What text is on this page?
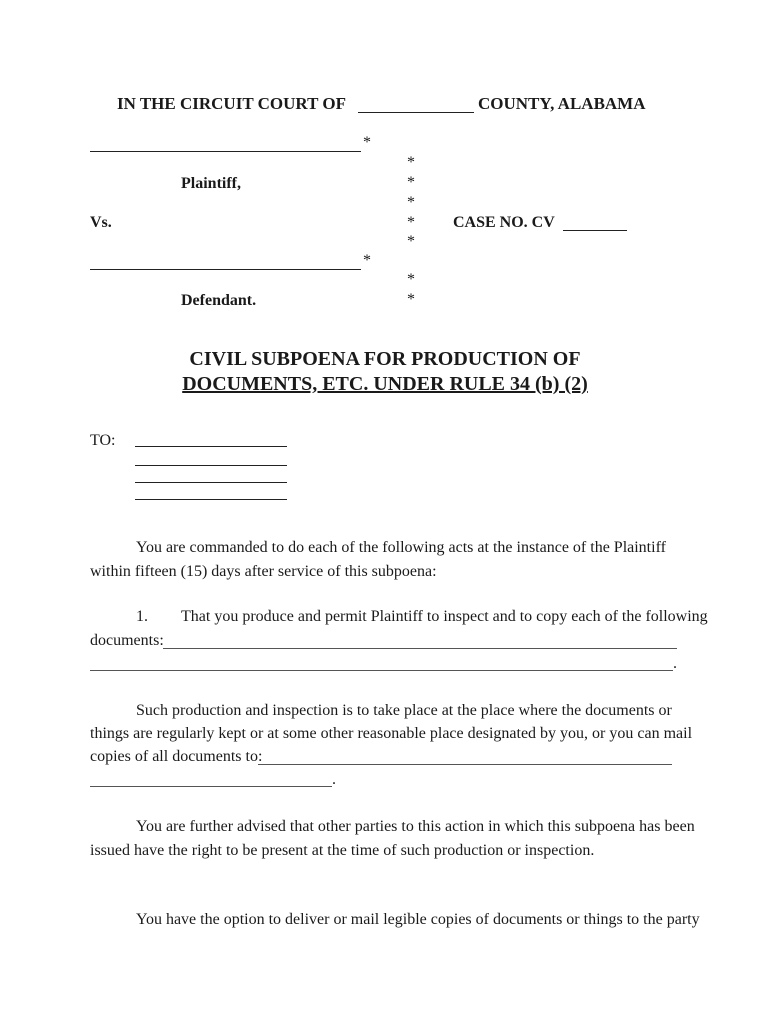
IN THE CIRCUIT COURT OF	COUNTY, ALABAMA
*
*
*
*
*
*
*
*
Plaintiff,
Vs.	CASE NO. CV
*
Defendant.
CIVIL SUBPOENA FOR PRODUCTION OF
DOCUMENTS, ETC. UNDER RULE 34 (b) (2)
TO:
You are commanded to do each of the following acts at the instance of the Plaintiff
within fifteen (15) days after service of this subpoena:
1. That you produce and permit Plaintiff to inspect and to copy each of the following
documents:
.
Such production and inspection is to take place at the place where the documents or
things are regularly kept or at some other reasonable place designated by you, or you can mail
copies of all documents to:
.
You are further advised that other parties to this action in which this subpoena has been
issued have the right to be present at the time of such production or inspection.
You have the option to deliver or mail legible copies of documents or things to the party
